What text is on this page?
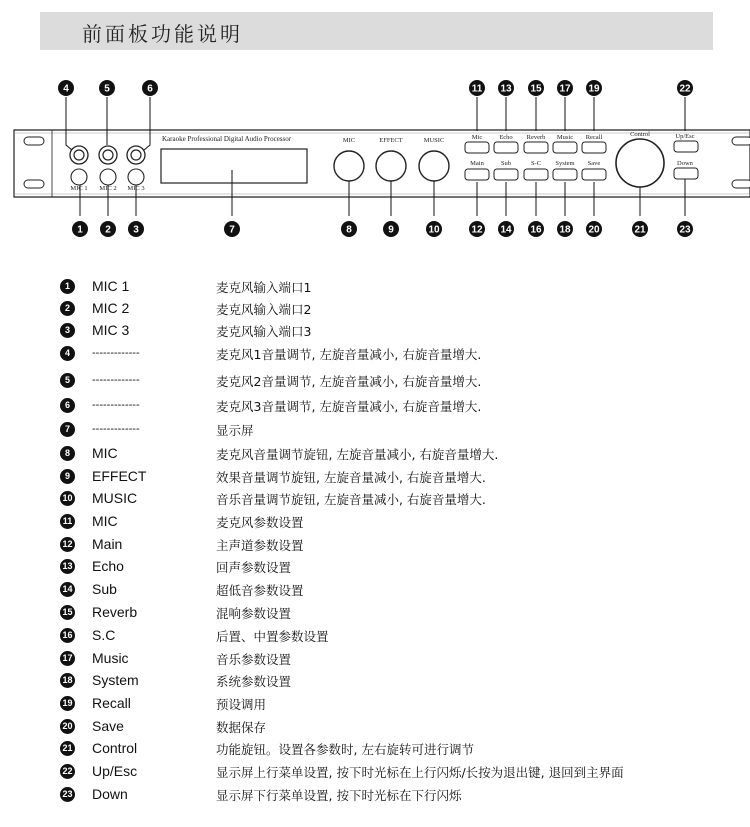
前面板功能说明
MIC 1 MIC 2 MIC 3
Karaoke Professional Digital Audio Processor	MIC	EFFECT	MUSIC	Mic	Echo Reverb Music Recall
Main	Sub	S-C System Save
Control	Up/Esc
Down
4	5	6	11 13 15 17 19	22
1 2 3	7	8	9	10	12 14 16 18 20	21	23
1	MIC 1	麦克风输入端口1
2	MIC 2	麦克风输入端口2
3	MIC 3	麦克风输入端口3
4	-------------	麦克风1音量调节, 左旋音量减小, 右旋音量增大.
5	-------------	麦克风2音量调节, 左旋音量减小, 右旋音量增大.
6	-------------	麦克风3音量调节, 左旋音量减小, 右旋音量增大.
7	-------------	显示屏
8	MIC	麦克风音量调节旋钮, 左旋音量减小, 右旋音量增大.
9	EFFECT	效果音量调节旋钮, 左旋音量减小, 右旋音量增大.
10 MUSIC	音乐音量调节旋钮, 左旋音量减小, 右旋音量增大.
11 MIC	麦克风参数设置
12 Main	主声道参数设置
13 Echo	回声参数设置
14 Sub	超低音参数设置
15 Reverb	混响参数设置
16 S.C	后置、中置参数设置
17 Music	音乐参数设置
18 System	系统参数设置
19 Recall	预设调用
20 Save	数据保存
21 Control	功能旋钮。设置各参数时, 左右旋转可进行调节
22 Up/Esc	显示屏上行菜单设置, 按下时光标在上行闪烁/长按为退出键, 退回到主界面
23 Down	显示屏下行菜单设置, 按下时光标在下行闪烁
